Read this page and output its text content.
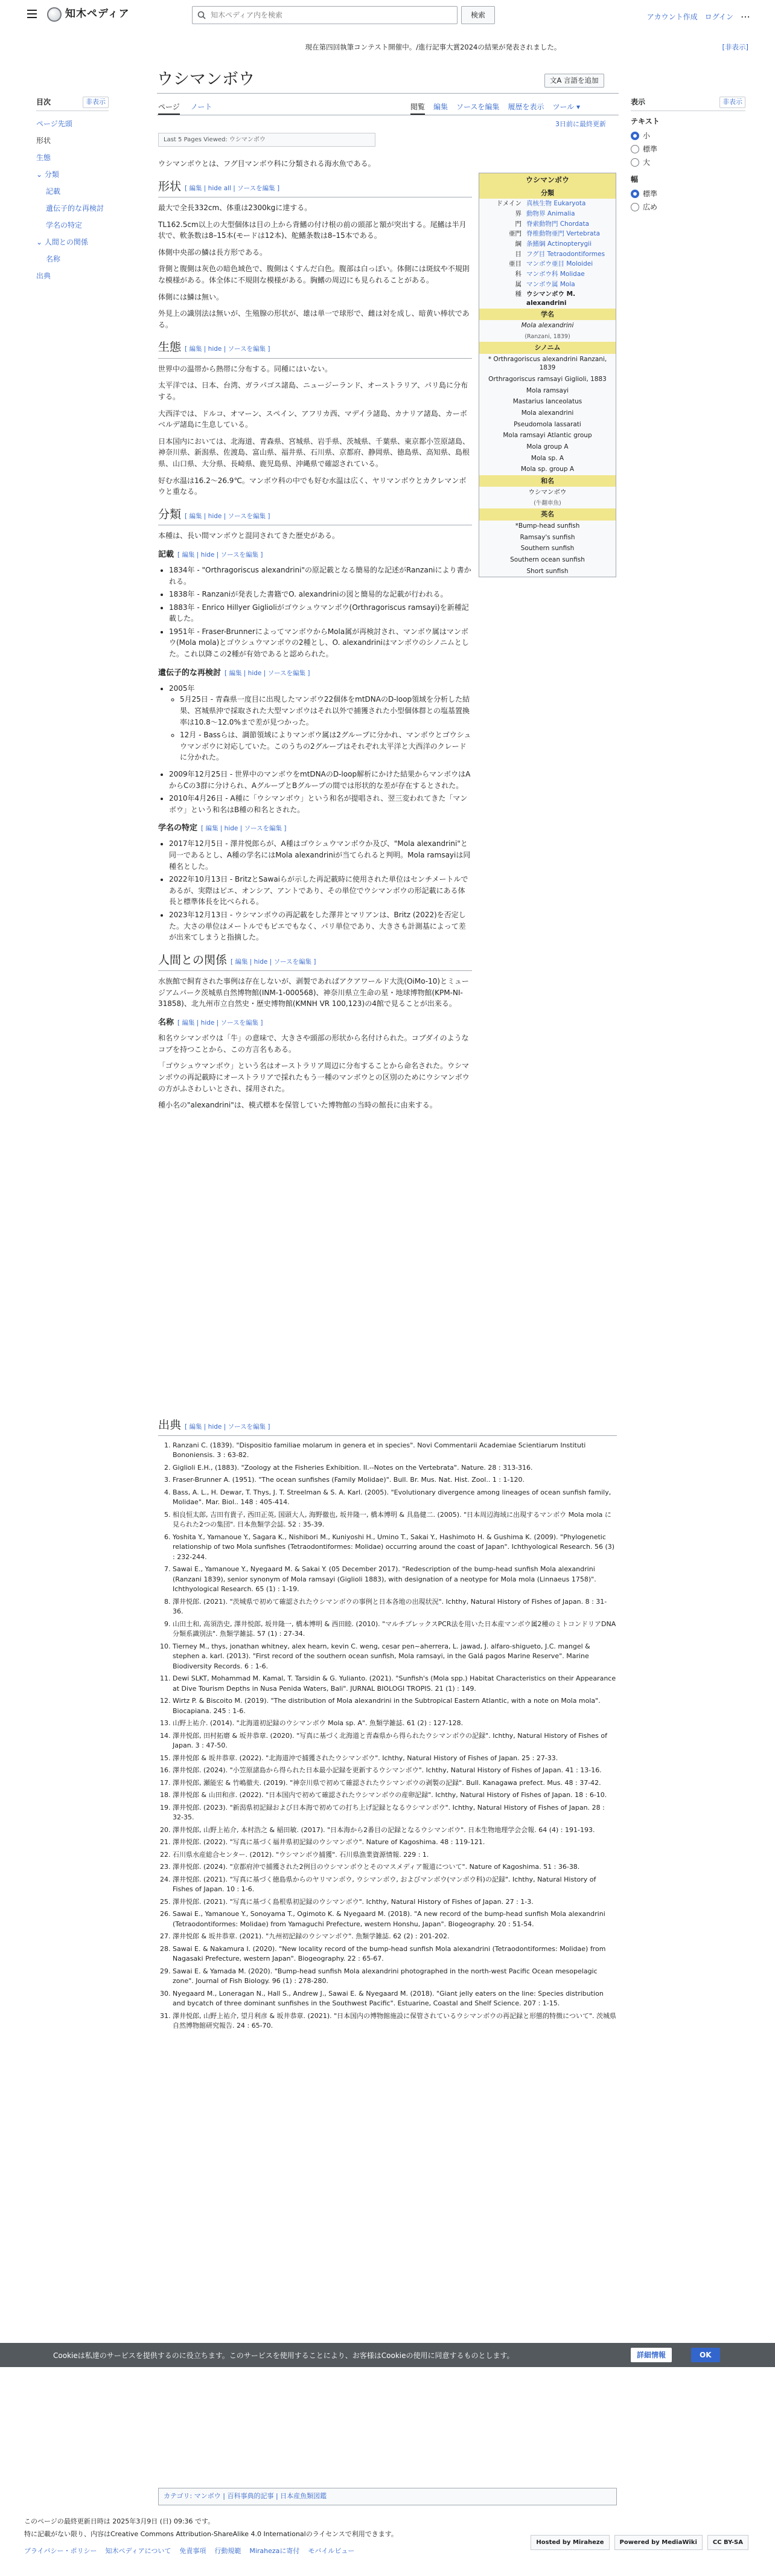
知木ペディア
知木ペディア内を検索	検索	アカウント作成 ログイン ⋯
現在第四回執筆コンテスト開催中。/進行記事大賞2024の結果が発表されました。	[非表示]
目次	非表示
ページ先頭
形状
生態
⌄ 分類
記載
遺伝子的な再検討
学名の特定
⌄ 人間との関係
名称
出典
ウシマンボウ	文A 言語を追加
ページ ノート	閲覧 編集 ソースを編集 履歴を表示 ツール ▾
3日前に最終更新
Last 5 Pages Viewed: ウシマンボウ

ウシマンボウとは、フグ目マンボウ科に分類される海水魚である。

形状 [ 編集 | hide all | ソースを編集 ]

最大で全長332cm、体重は2300kgに達する。

TL162.5cm以上の大型個体は目の上から背鰭の付け根の前の頭部と額が突出する。尾鰭は半月状で、軟条数は8–15本(モードは12本)、舵鰭条数は8–15本である。

体側中央部の鱗は長方形である。

背側と腹側は灰色の暗色域色で、腹側はくすんだ白色。腹部は白っぽい。体側には斑紋や不規則な模様がある。体全体に不規則な模様がある。胸鰭の周辺にも見られることがある。

体側には鱗は無い。

外見上の識別法は無いが、生殖腺の形状が、雄は単一で球形で、雌は対を成し、暗黄い棒状である。

生態 [ 編集 | hide | ソースを編集 ]

世界中の温帯から熱帯に分布する。同種にはいない。

太平洋では、日本、台湾、ガラパゴス諸島、ニュージーランド、オーストラリア、パリ島に分布する。

大西洋では、ドルコ、オマーン、スペイン、アフリカ西、マデイラ諸島、カナリア諸島、カーボベルデ諸島に生息している。

日本国内においては、北海道、青森県、宮城県、岩手県、茨城県、千葉県、東京都小笠原諸島、神奈川県、新潟県、佐渡島、富山県、福井県、石川県、京都府、静岡県、徳島県、高知県、島根県、山口県、大分県、長崎県、鹿児島県、沖縄県で確認されている。

好む水温は16.2〜26.9℃。マンボウ科の中でも好む水温は広く、ヤリマンボウとカクレマンボウと重なる。

分類 [ 編集 | hide | ソースを編集 ]

本種は、長い間マンボウと混同されてきた歴史がある。

記載 [ 編集 | hide | ソースを編集 ]
• 1834年 - "Orthragoriscus alexandrini"の原記載となる簡易的な記述がRanzaniにより書かれる。
• 1838年 - Ranzaniが発表した書籍でO. alexandriniの図と簡易的な記載が行われる。
• 1883年 - Enrico Hillyer Giglioliがゴウシュウマンボウ(Orthragoriscus ramsayi)を新種記載した。
• 1951年 - Fraser-BrunnerによってマンボウからMola属が再検討され、マンボウ属はマンボウ(Mola mola)とゴウシュウマンボウの2種とし、O. alexandriniはマンボウのシノニムとした。これ以降この2種が有効であると認められた。
遺伝子的な再検討 [ 編集 | hide | ソースを編集 ]
• 2005年
◦ 5月25日 - 青森県一度目に出現したマンボウ22個体をmtDNAのD-loop領域を分析した結果、宮城県沖で採取された大型マンボウはそれ以外で捕獲された小型個体群との塩基置換率は10.8〜12.0%まで差が見つかった。
◦ 12月 - Bassらは、調節領域によりマンボウ属は2グループに分かれ、マンボウとゴウシュウマンボウに対応していた。このうちの2グループはそれぞれ太平洋と大西洋のクレードに分かれた。
• 2009年12月25日 - 世界中のマンボウをmtDNAのD-loop解析にかけた結果からマンボウはAからCの3群に分けられ、AグループとBグループの間では形状的な差が存在するとされた。
• 2010年4月26日 - A種に「ウシマンボウ」という和名が提唱され、翌三変われてきた「マンボウ」という和名はB種の和名とされた。
学名の特定 [ 編集 | hide | ソースを編集 ]
• 2017年12月5日 - 澤井悦郎らが、A種はゴウシュウマンボウか及び、"Mola alexandrini"と同一であるとし、A種の学名にはMola alexandriniが当てられると判明。Mola ramsayiは同種名とした。
• 2022年10月13日 - BritzとSawaiらが示した再記載時に使用された単位はセンチメートルであるが、実際はピエ、オンシア、アントであり、その単位でウシマンボウの形記載にある体長と標準体長を比べられる。
• 2023年12月13日 - ウシマンボウの再記載をした澤井とマリアンは、Britz (2022)を否定した。大さの単位はメートルでもピエでもなく、パリ単位であり、大きさも計測基によって差が出来てしまうと指摘した。
人間との関係 [ 編集 | hide | ソースを編集 ]

水族館で飼育された事例は存在しないが、剥製であればアクアワールド大洗(OiMo-10)とミュージアムパーク茨城県自然博物館(INM-1-000568)、神奈川県立生命の星・地球博物館(KPM-NI-31858)、北九州市立自然史・歴史博物館(KMNH VR 100,123)の4館で見ることが出来る。

名称 [ 編集 | hide | ソースを編集 ]

和名ウシマンボウは「牛」の意味で、大きさや頭部の形状から名付けられた。コブダイのようなコブを持つことから、この方言名もある。

「ゴウシュウマンボウ」という名はオーストラリア周辺に分布することから命名された。ウシマンボウの再記載時にオーストラリアで採れたもう一種のマンボウとの区別のためにウシマンボウの方がふさわしいとされ、採用された。

種小名の"alexandrini"は、模式標本を保管していた博物館の当時の館長に由来する。

表示	非表示
テキスト
小
標準
大
幅
標準
広め
ウシマンボウ
分類
ドメイン	真核生物 Eukaryota
界	動物界 Animalia
門	脊索動物門 Chordata
亜門	脊椎動物亜門 Vertebrata
綱	条鰭綱 Actinopterygii
目	フグ目 Tetraodontiformes
亜目	マンボウ亜目 Moloidei
科	マンボウ科 Molidae
属	マンボウ属 Mola
種	ウシマンボウ M. alexandrini
学名
Mola alexandrini
(Ranzani, 1839)
シノニム
* Orthragoriscus alexandrini Ranzani, 1839
Orthragoriscus ramsayi Giglioli, 1883
Mola ramsayi
Mastarius lanceolatus
Mola alexandrini
Pseudomola lassarati
Mola ramsayi Atlantic group
Mola group A
Mola sp. A
Mola sp. group A
和名
ウシマンボウ
(牛翻車魚)
英名
*Bump-head sunfish
Ramsay's sunfish
Southern sunfish
Southern ocean sunfish
Short sunfish
出典 [ 編集 | hide | ソースを編集 ]
1. Ranzani C. (1839). "Dispositio familiae molarum in genera et in species". Novi Commentarii Academiae Scientiarum Instituti Bononiensis. 3 : 63-82.
2. Giglioli E.H., (1883). "Zoology at the Fisheries Exhibition. II.--Notes on the Vertebrata". Nature. 28 : 313-316.
3. Fraser-Brunner A. (1951). "The ocean sunfishes (Family Molidae)". Bull. Br. Mus. Nat. Hist. Zool.. 1 : 1-120.
4. Bass, A. L., H. Dewar, T. Thys, J. T. Streelman & S. A. Karl. (2005). "Evolutionary divergence among lineages of ocean sunfish family, Molidae". Mar. Biol.. 148 : 405-414.
5. 相良恒太郎, 吉田有貴子, 西田正英, 国頭大人, 海野徹也, 坂井隆一, 橋本博明 & 具島健二. (2005). "日本周辺海域に出現するマンボウ Mola mola に見られた2つの集団". 日本魚類学会誌. 52 : 35-39.
6. Yoshita Y., Yamanoue Y., Sagara K., Nishibori M., Kuniyoshi H., Umino T., Sakai Y., Hashimoto H. & Gushima K. (2009). "Phylogenetic relationship of two Mola sunfishes (Tetraodontiformes: Molidae) occurring around the coast of Japan". Ichthyological Research. 56 (3) : 232-244.
7. Sawai E., Yamanoue Y., Nyegaard M. & Sakai Y. (05 December 2017). "Redescription of the bump-head sunfish Mola alexandrini (Ranzani 1839), senior synonym of Mola ramsayi (Giglioli 1883), with designation of a neotype for Mola mola (Linnaeus 1758)". Ichthyological Research. 65 (1) : 1-19.
8. 澤井悦郎. (2021). "茨城県で初めて確認されたウシマンボウの事例と日本各地の出現状況". Ichthy, Natural History of Fishes of Japan. 8 : 31-36.
9. 山田土和, 高須浩史, 澤井悦郎, 坂井隆一, 橋本博明 & 西田睦. (2010). "マルチプレックスPCR法を用いた日本産マンボウ属2種のミトコンドリアDNA分類系識別法". 魚類学雑誌. 57 (1) : 27-34.
10. Tierney M., thys, jonathan whitney, alex hearn, kevin C. weng, cesar pen~aherrera, L. jawad, J. alfaro-shigueto, J.C. mangel & stephen a. karl. (2013). "First record of the southern ocean sunfish, Mola ramsayi, in the Galá pagos Marine Reserve". Marine Biodiversity Records. 6 : 1-6.
11. Dewi SLKT, Mohammad M. Kamal, T. Tarsidin & G. Yulianto. (2021). "Sunfish's (Mola spp.) Habitat Characteristics on their Appearance at Dive Tourism Depths in Nusa Penida Waters, Bali". JURNAL BIOLOGI TROPIS. 21 (1) : 149.
12. Wirtz P. & Biscoito M. (2019). "The distribution of Mola alexandrini in the Subtropical Eastern Atlantic, with a note on Mola mola". Biocapiana. 245 : 1-6.
13. 山野上祐介. (2014). "北海道初記録のウシマンボウ Mola sp. A". 魚類学雑誌. 61 (2) : 127-128.
14. 澤井悦郎, 田村拓磨 & 坂井恭章. (2020). "写真に基づく北海道と青森県から得られたウシマンボウの記録". Ichthy, Natural History of Fishes of Japan. 3 : 47-50.
15. 澤井悦郎 & 坂井恭章. (2022). "北海道沖で捕獲されたウシマンボウ". Ichthy, Natural History of Fishes of Japan. 25 : 27-33.
16. 澤井悦郎. (2024). "小笠原諸島から得られた日本最小記録を更新するウシマンボウ". Ichthy, Natural History of Fishes of Japan. 41 : 13-16.
17. 澤井悦郎, 瀬能宏 & 竹嶋徹夫. (2019). "神奈川県で初めて確認されたウシマンボウの剥製の記録". Bull. Kanagawa prefect. Mus. 48 : 37-42.
18. 澤井悦郎 & 山田和彦. (2022). "日本国内で初めて確認されたウシマンボウの産卵記録". Ichthy, Natural History of Fishes of Japan. 18 : 6-10.
19. 澤井悦郎. (2023). "新潟県初記録および日本海で初めての打ち上げ記録となるウシマンボウ". Ichthy, Natural History of Fishes of Japan. 28 : 32-35.
20. 澤井悦郎, 山野上祐介, 本村浩之 & 稲田敏. (2017). "日本海から2番目の記録となるウシマンボウ". 日本生物地理学会会報. 64 (4) : 191-193.
21. 澤井悦郎. (2022). "写真に基づく福井県初記録のウシマンボウ". Nature of Kagoshima. 48 : 119-121.
22. 石川県水産総合センター. (2012). "ウシマンボウ捕獲". 石川県漁業資源情報. 229 : 1.
23. 澤井悦郎. (2024). "京都府沖で捕獲された2例目のウシマンボウとそのマスメディア報道について". Nature of Kagoshima. 51 : 36-38.
24. 澤井悦郎. (2021). "写真に基づく徳島県からのヤリマンボウ, ウシマンボウ, およびマンボウ(マンボウ科)の記録". Ichthy, Natural History of Fishes of Japan. 10 : 1-6.
25. 澤井悦郎. (2021). "写真に基づく島根県初記録のウシマンボウ". Ichthy, Natural History of Fishes of Japan. 27 : 1-3.
26. Sawai E., Yamanoue Y., Sonoyama T., Ogimoto K. & Nyegaard M. (2018). "A new record of the bump-head sunfish Mola alexandrini (Tetraodontiformes: Molidae) from Yamaguchi Prefecture, western Honshu, Japan". Biogeography. 20 : 51-54.
27. 澤井悦郎 & 坂井恭章. (2021). "九州初記録のウシマンボウ". 魚類学雑誌. 62 (2) : 201-202.
28. Sawai E. & Nakamura I. (2020). "New locality record of the bump-head sunfish Mola alexandrini (Tetraodontiformes: Molidae) from Nagasaki Prefecture, western Japan". Biogeography. 22 : 65-67.
29. Sawai E. & Yamada M. (2020). "Bump-head sunfish Mola alexandrini photographed in the north-west Pacific Ocean mesopelagic zone". Journal of Fish Biology. 96 (1) : 278-280.
30. Nyegaard M., Loneragan N., Hall S., Andrew J., Sawai E. & Nyegaard M. (2018). "Giant jelly eaters on the line: Species distribution and bycatch of three dominant sunfishes in the Southwest Pacific". Estuarine, Coastal and Shelf Science. 207 : 1-15.
31. 澤井悦郎, 山野上祐介, 望月利彦 & 坂井恭章. (2021). "日本国内の博物館施設に保管されているウシマンボウの再記録と形態的特徴について". 茨城県自然博物館研究報告. 24 : 65-70.
Cookieは私達のサービスを提供するのに役立ちます。このサービスを使用することにより、お客様はCookieの使用に同意するものとします。	詳細情報	OK
カテゴリ: マンボウ | 百科事典的記事 | 日本産魚類図鑑

このページの最終更新日時は 2025年3月9日 (日) 09:36 です。

特に記載がない限り、内容はCreative Commons Attribution-ShareAlike 4.0 Internationalのライセンスで利用できます。

プライバシー・ポリシー 知木ペディアについて 免責事項 行動規範 Mirahezaに寄付 モバイルビュー
Hosted by Miraheze	Powered by MediaWiki	CC BY-SA
